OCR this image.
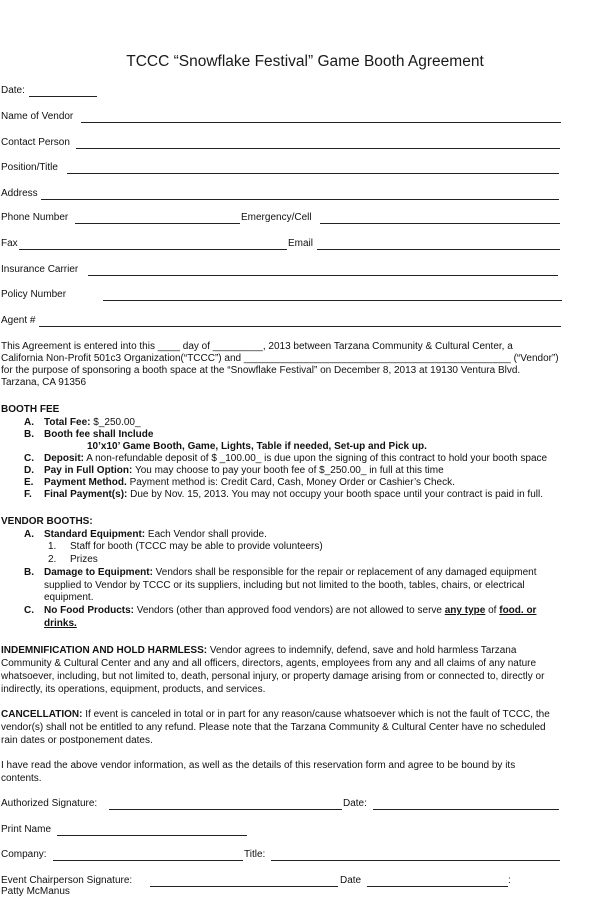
TCCC “Snowflake Festival” Game Booth Agreement
Date:
Name of Vendor
Contact Person
Position/Title
Address
Phone Number	Emergency/Cell
Fax	Email
Insurance Carrier
Policy Number
Agent #
This Agreement is entered into this ____ day of _________, 2013 between Tarzana Community & Cultural Center, a
California Non-Profit 501c3 Organization(“TCCC”) and ________________________________________________ (“Vendor”)
for the purpose of sponsoring a booth space at the “Snowflake Festival” on December 8, 2013 at 19130 Ventura Blvd.
Tarzana, CA 91356
BOOTH FEE
A. Total Fee: $_250.00_
B. Booth fee shall Include
10’x10’ Game Booth, Game, Lights, Table if needed, Set-up and Pick up.
C. Deposit: A non-refundable deposit of $ _100.00_ is due upon the signing of this contract to hold your booth space
D. Pay in Full Option: You may choose to pay your booth fee of $_250.00_ in full at this time
E. Payment Method. Payment method is: Credit Card, Cash, Money Order or Cashier’s Check.
F. Final Payment(s): Due by Nov. 15, 2013. You may not occupy your booth space until your contract is paid in full.
VENDOR BOOTHS:
A. Standard Equipment: Each Vendor shall provide.
1. Staff for booth (TCCC may be able to provide volunteers)
2. Prizes
B. Damage to Equipment: Vendors shall be responsible for the repair or replacement of any damaged equipment
supplied to Vendor by TCCC or its suppliers, including but not limited to the booth, tables, chairs, or electrical
equipment.
C. No Food Products: Vendors (other than approved food vendors) are not allowed to serve any type of food. or
drinks.
INDEMNIFICATION AND HOLD HARMLESS: Vendor agrees to indemnify, defend, save and hold harmless Tarzana
Community & Cultural Center and any and all officers, directors, agents, employees from any and all claims of any nature
whatsoever, including, but not limited to, death, personal injury, or property damage arising from or connected to, directly or
indirectly, its operations, equipment, products, and services.
CANCELLATION: If event is canceled in total or in part for any reason/cause whatsoever which is not the fault of TCCC, the
vendor(s) shall not be entitled to any refund. Please note that the Tarzana Community & Cultural Center have no scheduled
rain dates or postponement dates.
I have read the above vendor information, as well as the details of this reservation form and agree to be bound by its
contents.
Authorized Signature:	Date:
Print Name
Company:	Title:
Event Chairperson Signature:	Date	:
Patty McManus
